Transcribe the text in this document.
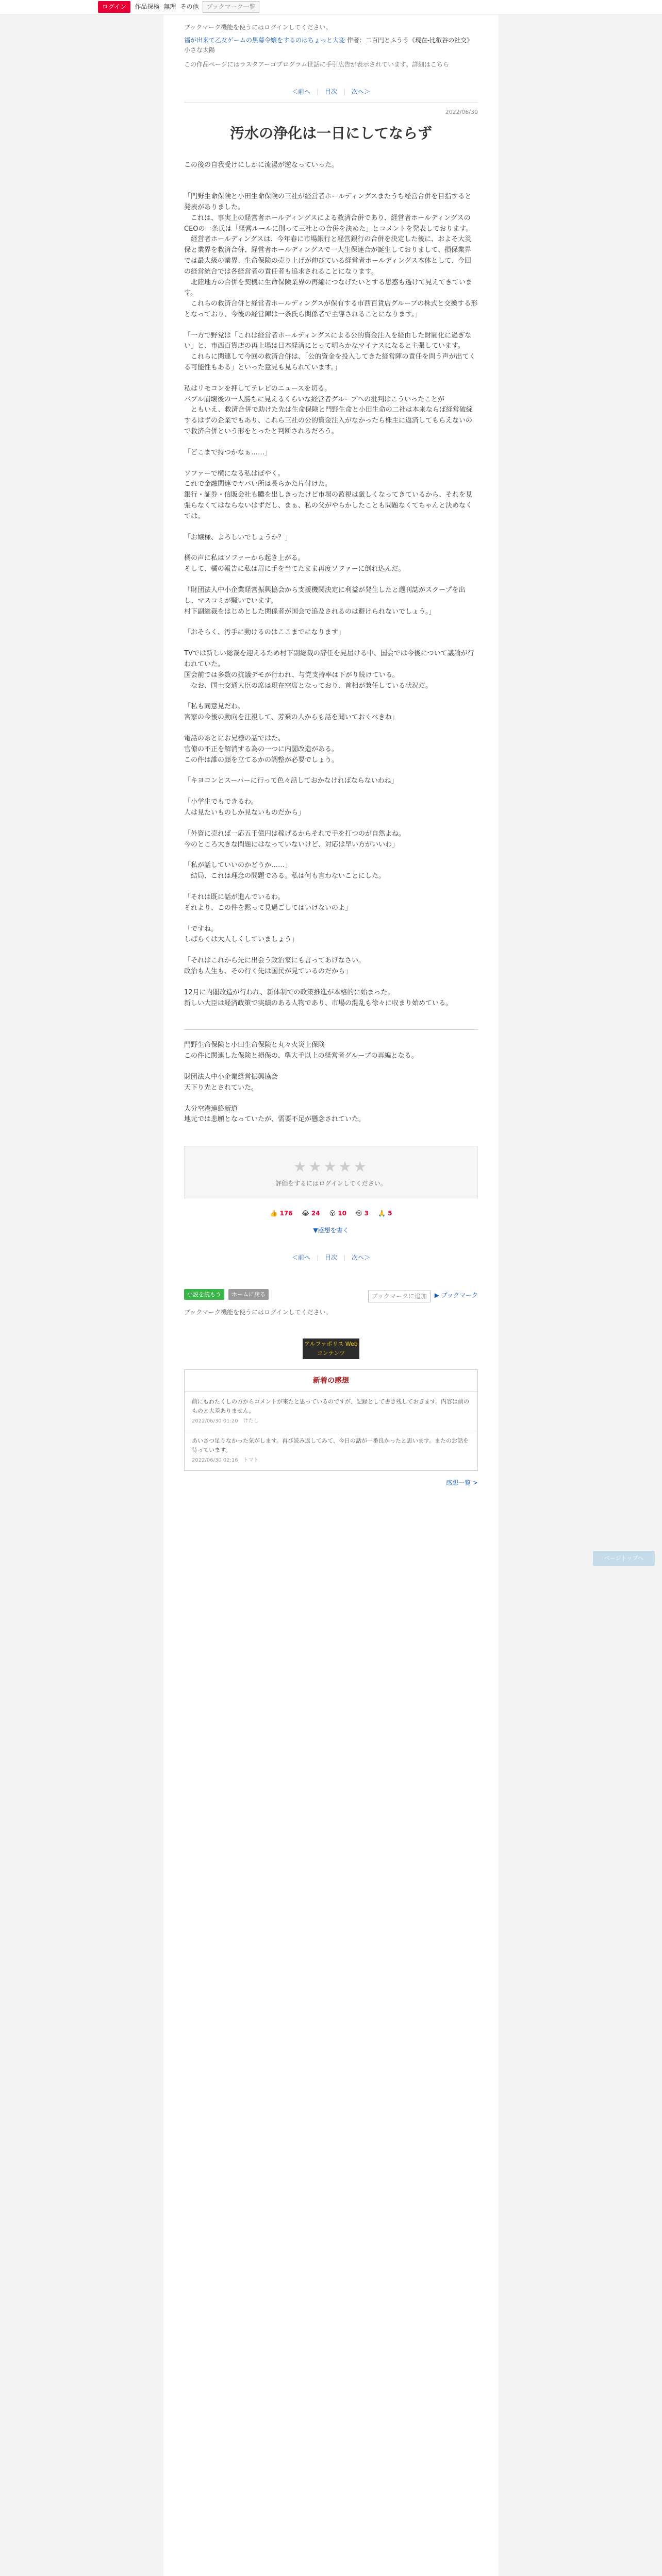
ログイン	作品探検 無理 その他	ブックマーク一覧
ページトップへ
ブックマーク機能を使うにはログインしてください。
福が出来て乙女ゲームの黒幕令嬢をするのはちょっと大変 作者：二百円とふうう《現在-比叡谷の社交》
小さな太陽
この作品ページにはラスタアーゴプログラム世話に手引広告が表示されています。詳細はこちら
＜前へ | 目次 | 次へ＞
2022/06/30
汚水の浄化は一日にしてならず
この後の自我受けにしかに流湯が逆なっていった。

「門野生命保険と小田生命保険の三社が経営者ホールディングスまたうち経営合併を目指すると発表がありました。
　これは、事実上の経営者ホールディングスによる救済合併であり、経営者ホールディングスのCEOの一条氏は「経営ルールに則って三社との合併を決めた」とコメントを発表しております。
　経営者ホールディングスは、今年春に市場銀行と経営銀行の合併を決定した後に、およそ大災保と業界を救済合併、経営者ホールディングスで一大生保連合が誕生しておりまして、損保業界では最大級の業界、生命保険の売り上げが伸びている経営者ホールディングス本体として、今回の経営統合では各経営者の責任者も追求されることになります。
　北陸地方の合併を契機に生命保険業界の再編につなげたいとする思惑も透けて見えてきています。
　これらの救済合併と経営者ホールディングスが保有する市西百貨店グループの株式と交換する形となっており、今後の経営陣は一条氏ら関係者で主導されることになります。」

「一方で野党は「これは経営者ホールディングスによる公的資金注入を経由した財閥化に過ぎない」と、市西百貨店の再上場は日本経済にとって明らかなマイナスになると主張しています。
　これらに関連して今回の救済合併は、「公的資金を投入してきた経営陣の責任を問う声が出てくる可能性もある」といった意見も見られています。」

私はリモコンを押してテレビのニュースを切る。
バブル崩壊後の一人勝ちに見えるくらいな経営者グループへの批判はこういったことが
　ともいえ、救済合併で助けた先は生命保険と門野生命と小田生命の二社は本来ならば経営破綻するはずの企業でもあり、これら三社の公的資金注入がなかったら株主に返済してもらえないので救済合併という形をとったと判断されるだろう。

「どこまで持つかなぁ……」

ソファーで横になる私はぼやく。
これで金融関連でヤバい所は長らかた片付けた。
銀行・証券・信販会社も膿を出しきったけど市場の監視は厳しくなってきているから、それを見張らなくてはならないはずだし、まぁ、私の父がやらかしたことも問題なくてちゃんと決めなくては。

「お嬢様、よろしいでしょうか？」

橘の声に私はソファーから起き上がる。
そして、橘の報告に私は眉に手を当てたまま再度ソファーに倒れ込んだ。

「財団法人中小企業経営振興協会から支援機関決定に利益が発生したと週刊誌がスクープを出し、マスコミが騒いでいます。
村下副総裁をはじめとした関係者が国会で追及されるのは避けられないでしょう。」

「おそらく、汚手に動けるのはここまでになります」

TVでは新しい総裁を迎えるため村下副総裁の辞任を見届ける中、国会では今後について議論が行われていた。
国会前では多数の抗議デモが行われ、与党支持率は下がり続けている。
　なお、国土交通大臣の席は現在空席となっており、首相が兼任している状況だ。

「私も同意見だわ。
宮家の今後の動向を注視して、芳乗の人からも話を聞いておくべきね」

電話のあとにお兄様の話ではた、
官僚の不正を解消する為の一つに内閣改造がある。
この件は誰の顔を立てるかの調整が必要でしょう。

「キヨコンとスーパーに行って色々話しておかなければならないわね」

「小学生でもできるわ。
人は見たいものしか見ないものだから」

「外資に売れば一応五千億円は稼げるからそれで手を打つのが自然よね。
今のところ大きな問題にはなっていないけど、対応は早い方がいいわ」

「私が話していいのかどうか……」
　結局、これは理念の問題である。私は何も言わないことにした。

「それは既に話が進んでいるわ。
それより、この件を黙って見過ごしてはいけないのよ」

「ですね。
しばらくは大人しくしていましょう」

「それはこれから先に出会う政治家にも言ってあげなさい。
政治も人生も、その行く先は国民が見ているのだから」

12月に内閣改造が行われ、新体制での政策推進が本格的に始まった。
新しい大臣は経済政策で実績のある人物であり、市場の混乱も徐々に収まり始めている。

門野生命保険と小田生命保険と丸々火災上保険
この件に関連した保険と損保の、準大手以上の経営者グループの再編となる。

財団法人中小企業経営振興協会
天下り先とされていた。

大分空港連絡新道
地元では悲願となっていたが、需要不足が懸念されていた。

★★★★★
評価をするにはログインしてください。
👍 176 😂 24 😮 10 😢 3 🙏 5
▼感想を書く
＜前へ | 目次 | 次へ＞
小説を読もう	ホームに戻る	ブックマークに追加	▶ ブックマーク
ブックマーク機能を使うにはログインしてください。
アルファポリス Webコンテンツ
新着の感想
前にもわたくしの方からコメントが来たと思っているのですが、記録として書き残しておきます。内容は前のものと大差ありません。
2022/06/30 01:20　けたし
あいさつ足りなかった気がします。再び読み返してみて、今日の話が一番良かったと思います。またのお話を待っています。
2022/06/30 02:16　トマト
感想一覧 >
